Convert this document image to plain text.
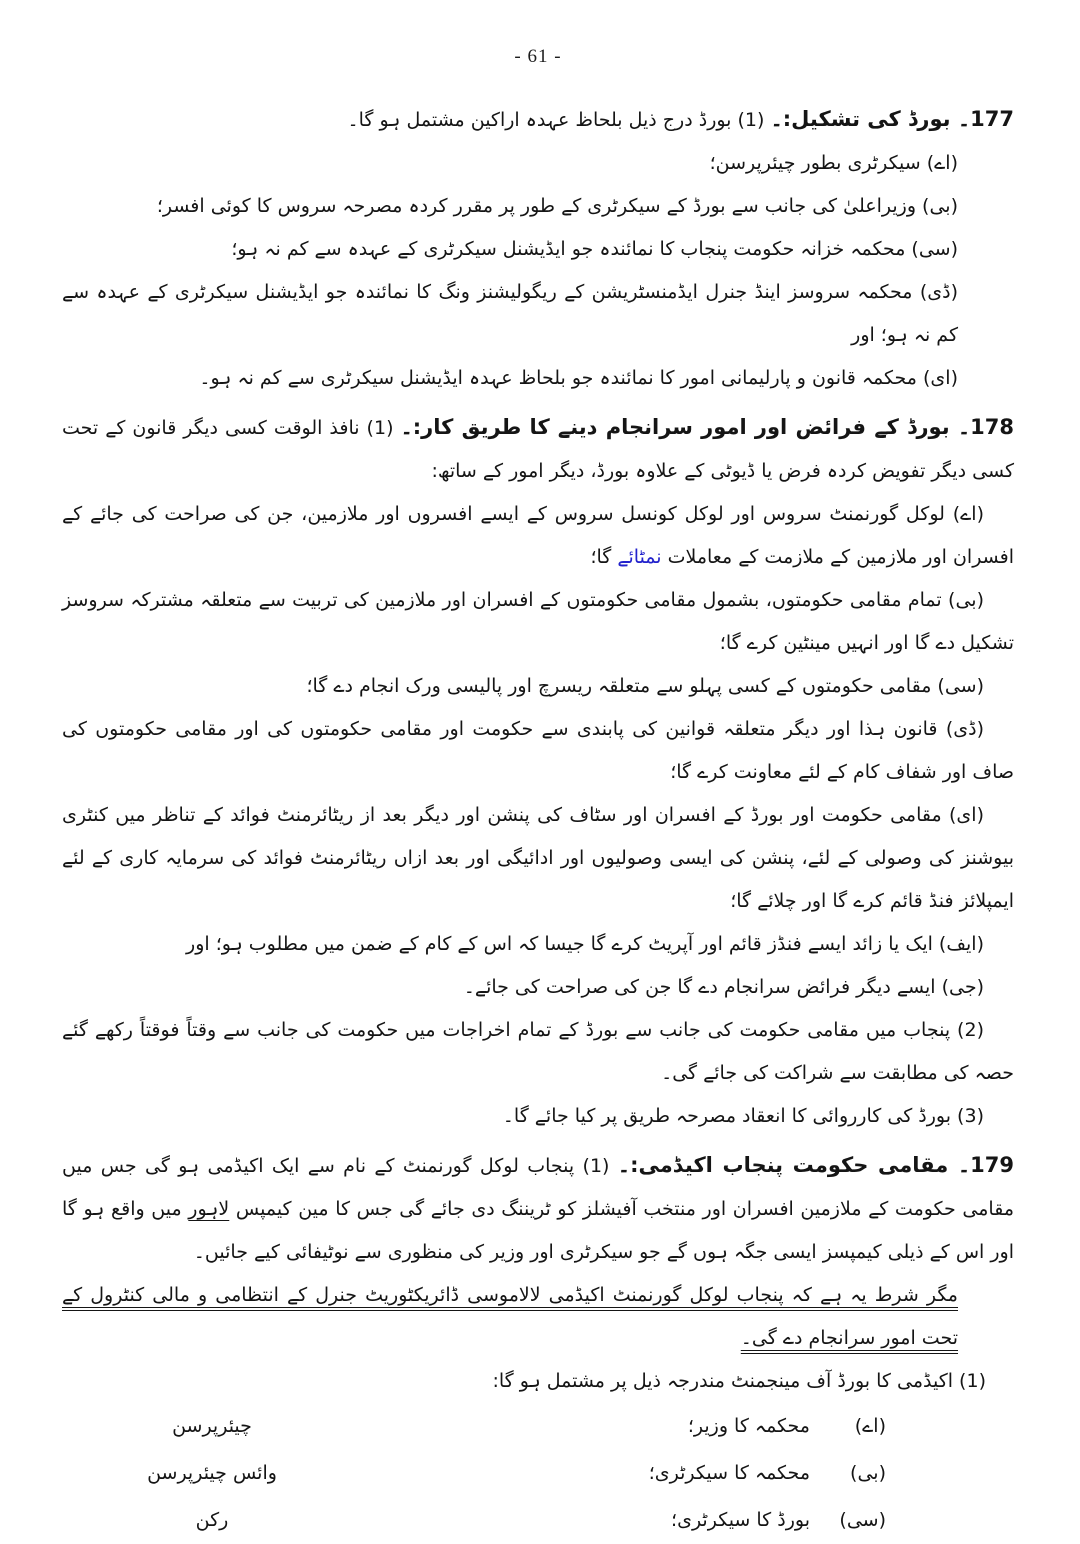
- 61 -

177۔ بورڈ کی تشکیل:۔ (1) بورڈ درج ذیل بلحاظ عہدہ اراکین مشتمل ہو گا۔

(اے) سیکرٹری بطور چیئرپرسن؛

(بی) وزیراعلیٰ کی جانب سے بورڈ کے سیکرٹری کے طور پر مقرر کردہ مصرحہ سروس کا کوئی افسر؛

(سی) محکمہ خزانہ حکومت پنجاب کا نمائندہ جو ایڈیشنل سیکرٹری کے عہدہ سے کم نہ ہو؛

(ڈی) محکمہ سروسز اینڈ جنرل ایڈمنسٹریشن کے ریگولیشنز ونگ کا نمائندہ جو ایڈیشنل سیکرٹری کے عہدہ سے کم نہ ہو؛ اور

(ای) محکمہ قانون و پارلیمانی امور کا نمائندہ جو بلحاظ عہدہ ایڈیشنل سیکرٹری سے کم نہ ہو۔

178۔ بورڈ کے فرائض اور امور سرانجام دینے کا طریق کار:۔ (1) نافذ الوقت کسی دیگر قانون کے تحت کسی دیگر تفویض کردہ فرض یا ڈیوٹی کے علاوہ بورڈ، دیگر امور کے ساتھ:

(اے) لوکل گورنمنٹ سروس اور لوکل کونسل سروس کے ایسے افسروں اور ملازمین، جن کی صراحت کی جائے کے افسران اور ملازمین کے ملازمت کے معاملات نمٹائے گا؛

(بی) تمام مقامی حکومتوں، بشمول مقامی حکومتوں کے افسران اور ملازمین کی تربیت سے متعلقہ مشترکہ سروسز تشکیل دے گا اور انہیں مینٹین کرے گا؛

(سی) مقامی حکومتوں کے کسی پہلو سے متعلقہ ریسرچ اور پالیسی ورک انجام دے گا؛

(ڈی) قانون ہذا اور دیگر متعلقہ قوانین کی پابندی سے حکومت اور مقامی حکومتوں کی اور مقامی حکومتوں کی صاف اور شفاف کام کے لئے معاونت کرے گا؛

(ای) مقامی حکومت اور بورڈ کے افسران اور سٹاف کی پنشن اور دیگر بعد از ریٹائرمنٹ فوائد کے تناظر میں کنٹری بیوشنز کی وصولی کے لئے، پنشن کی ایسی وصولیوں اور ادائیگی اور بعد ازاں ریٹائرمنٹ فوائد کی سرمایہ کاری کے لئے ایمپلائز فنڈ قائم کرے گا اور چلائے گا؛

(ایف) ایک یا زائد ایسے فنڈز قائم اور آپریٹ کرے گا جیسا کہ اس کے کام کے ضمن میں مطلوب ہو؛ اور

(جی) ایسے دیگر فرائض سرانجام دے گا جن کی صراحت کی جائے۔

(2) پنجاب میں مقامی حکومت کی جانب سے بورڈ کے تمام اخراجات میں حکومت کی جانب سے وقتاً فوقتاً رکھے گئے حصہ کی مطابقت سے شراکت کی جائے گی۔

(3) بورڈ کی کارروائی کا انعقاد مصرحہ طریق پر کیا جائے گا۔

179۔ مقامی حکومت پنجاب اکیڈمی:۔ (1) پنجاب لوکل گورنمنٹ کے نام سے ایک اکیڈمی ہو گی جس میں مقامی حکومت کے ملازمین افسران اور منتخب آفیشلز کو ٹریننگ دی جائے گی جس کا مین کیمپس لاہور میں واقع ہو گا اور اس کے ذیلی کیمپسز ایسی جگہ ہوں گے جو سیکرٹری اور وزیر کی منظوری سے نوٹیفائی کیے جائیں۔

مگر شرط یہ ہے کہ پنجاب لوکل گورنمنٹ اکیڈمی لالاموسی ڈائریکٹوریٹ جنرل کے انتظامی و مالی کنٹرول کے تحت امور سرانجام دے گی۔

(1) اکیڈمی کا بورڈ آف مینجمنٹ مندرجہ ذیل پر مشتمل ہو گا:

(اے)
محکمہ کا وزیر؛
چیئرپرسن
(بی)
محکمہ کا سیکرٹری؛
وائس چیئرپرسن
(سی)
بورڈ کا سیکرٹری؛
رکن
